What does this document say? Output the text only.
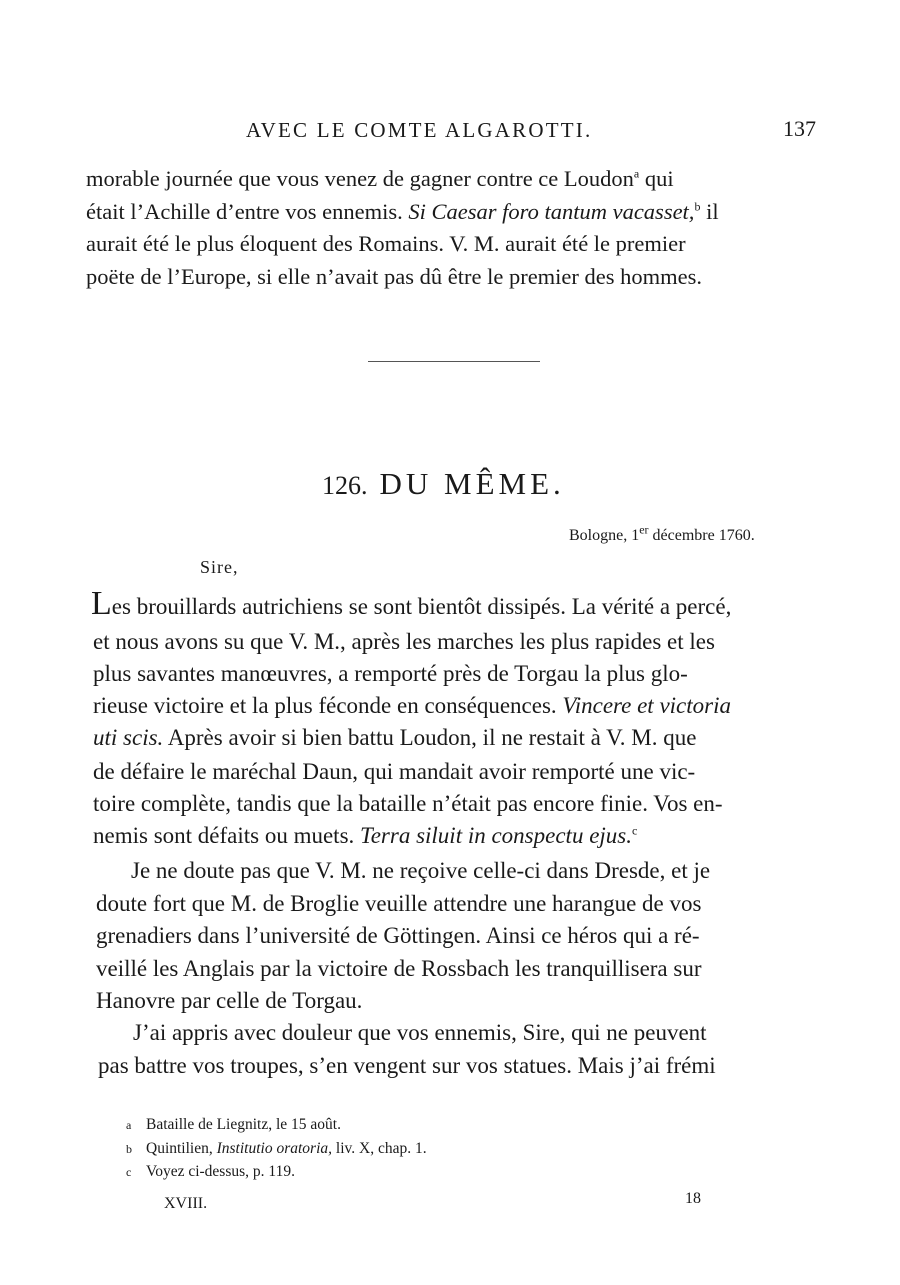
AVEC LE COMTE ALGAROTTI.	137
morable journée que vous venez de gagner contre ce Loudon$^a$ qui
était l’Achille d’entre vos ennemis. Si Caesar foro tantum vacasset,$^b$ il
aurait été le plus éloquent des Romains. V. M. aurait été le premier
poëte de l’Europe, si elle n’avait pas dû être le premier des hommes.
126. DU MÊME.
Bologne, 1er décembre 1760.
Sire,
Les brouillards autrichiens se sont bientôt dissipés. La vérité a percé,
et nous avons su que V. M., après les marches les plus rapides et les
plus savantes manœuvres, a remporté près de Torgau la plus glo-
rieuse victoire et la plus féconde en conséquences. Vincere et victoria
uti scis. Après avoir si bien battu Loudon, il ne restait à V. M. que
de défaire le maréchal Daun, qui mandait avoir remporté une vic-
toire complète, tandis que la bataille n’était pas encore finie. Vos en-
nemis sont défaits ou muets. Terra siluit in conspectu ejus.$^c$
Je ne doute pas que V. M. ne reçoive celle-ci dans Dresde, et je
doute fort que M. de Broglie veuille attendre une harangue de vos
grenadiers dans l’université de Göttingen. Ainsi ce héros qui a ré-
veillé les Anglais par la victoire de Rossbach les tranquillisera sur
Hanovre par celle de Torgau.
J’ai appris avec douleur que vos ennemis, Sire, qui ne peuvent
pas battre vos troupes, s’en vengent sur vos statues. Mais j’ai frémi
a Bataille de Liegnitz, le 15 août.
b Quintilien, Institutio oratoria, liv. X, chap. 1.
c Voyez ci-dessus, p. 119.
XVIII.	18
